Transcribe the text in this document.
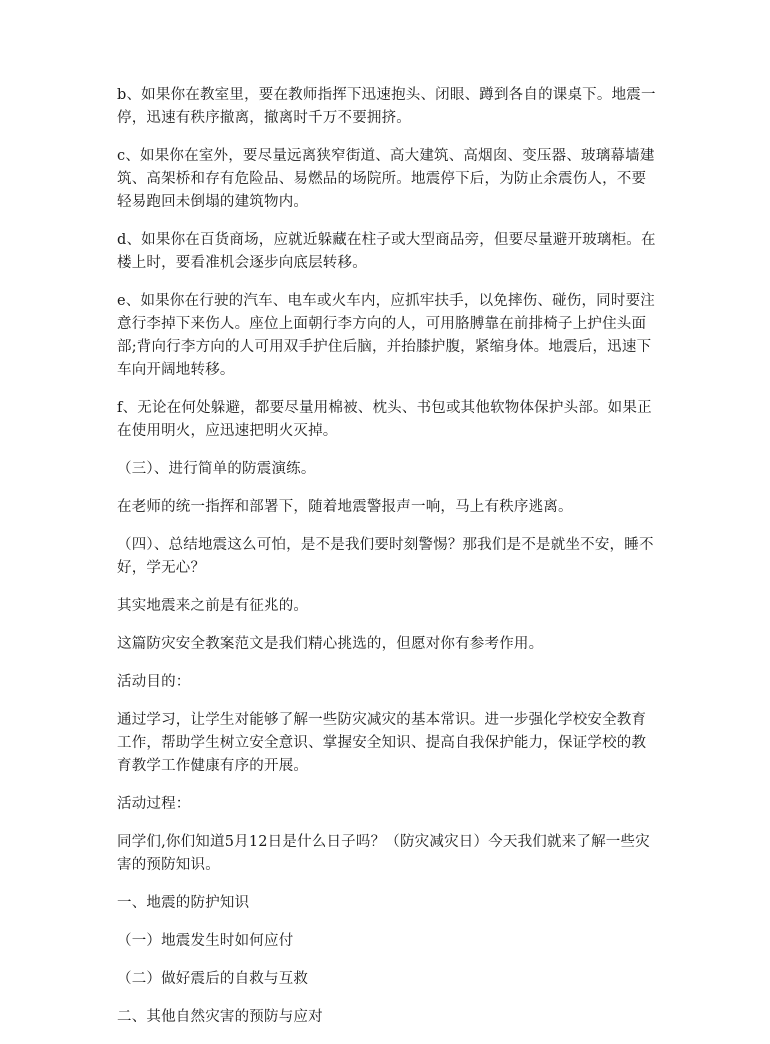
b、如果你在教室里，要在教师指挥下迅速抱头、闭眼、蹲到各自的课桌下。地震一停，迅速有秩序撤离，撤离时千万不要拥挤。

c、如果你在室外，要尽量远离狭窄街道、高大建筑、高烟囱、变压器、玻璃幕墙建筑、高架桥和存有危险品、易燃品的场院所。地震停下后，为防止余震伤人，不要轻易跑回未倒塌的建筑物内。

d、如果你在百货商场，应就近躲藏在柱子或大型商品旁，但要尽量避开玻璃柜。在楼上时，要看准机会逐步向底层转移。

e、如果你在行驶的汽车、电车或火车内，应抓牢扶手，以免摔伤、碰伤，同时要注意行李掉下来伤人。座位上面朝行李方向的人，可用胳膊靠在前排椅子上护住头面部;背向行李方向的人可用双手护住后脑，并抬膝护腹，紧缩身体。地震后，迅速下车向开阔地转移。

f、无论在何处躲避，都要尽量用棉被、枕头、书包或其他软物体保护头部。如果正在使用明火，应迅速把明火灭掉。

（三）、进行简单的防震演练。

在老师的统一指挥和部署下，随着地震警报声一响，马上有秩序逃离。

（四）、总结地震这么可怕，是不是我们要时刻警惕？那我们是不是就坐不安，睡不好，学无心？

其实地震来之前是有征兆的。

这篇防灾安全教案范文是我们精心挑选的，但愿对你有参考作用。

活动目的：

通过学习，让学生对能够了解一些防灾减灾的基本常识。进一步强化学校安全教育工作，帮助学生树立安全意识、掌握安全知识、提高自我保护能力，保证学校的教育教学工作健康有序的开展。

活动过程：

同学们,你们知道5月12日是什么日子吗？（防灾减灾日）今天我们就来了解一些灾害的预防知识。

一、地震的防护知识

（一）地震发生时如何应付

（二）做好震后的自救与互救

二、其他自然灾害的预防与应对
